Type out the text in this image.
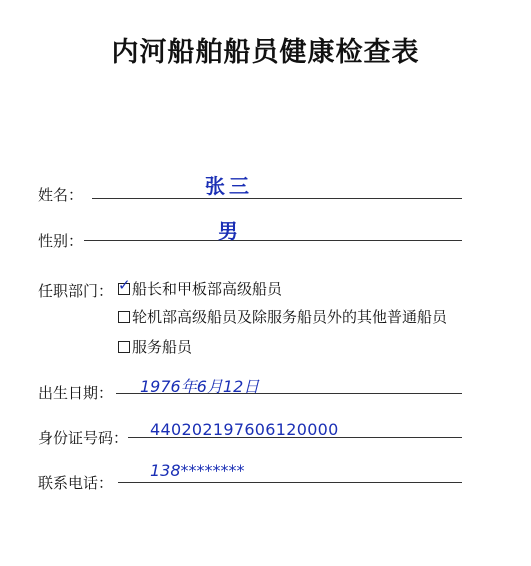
内河船舶船员健康检查表
姓名：	张三
性别：	男
任职部门： ✓ 船长和甲板部高级船员
轮机部高级船员及除服务船员外的其他普通船员
服务船员
出生日期： 1976年6月12日
身份证号码： 440202197606120000
联系电话：
138********
